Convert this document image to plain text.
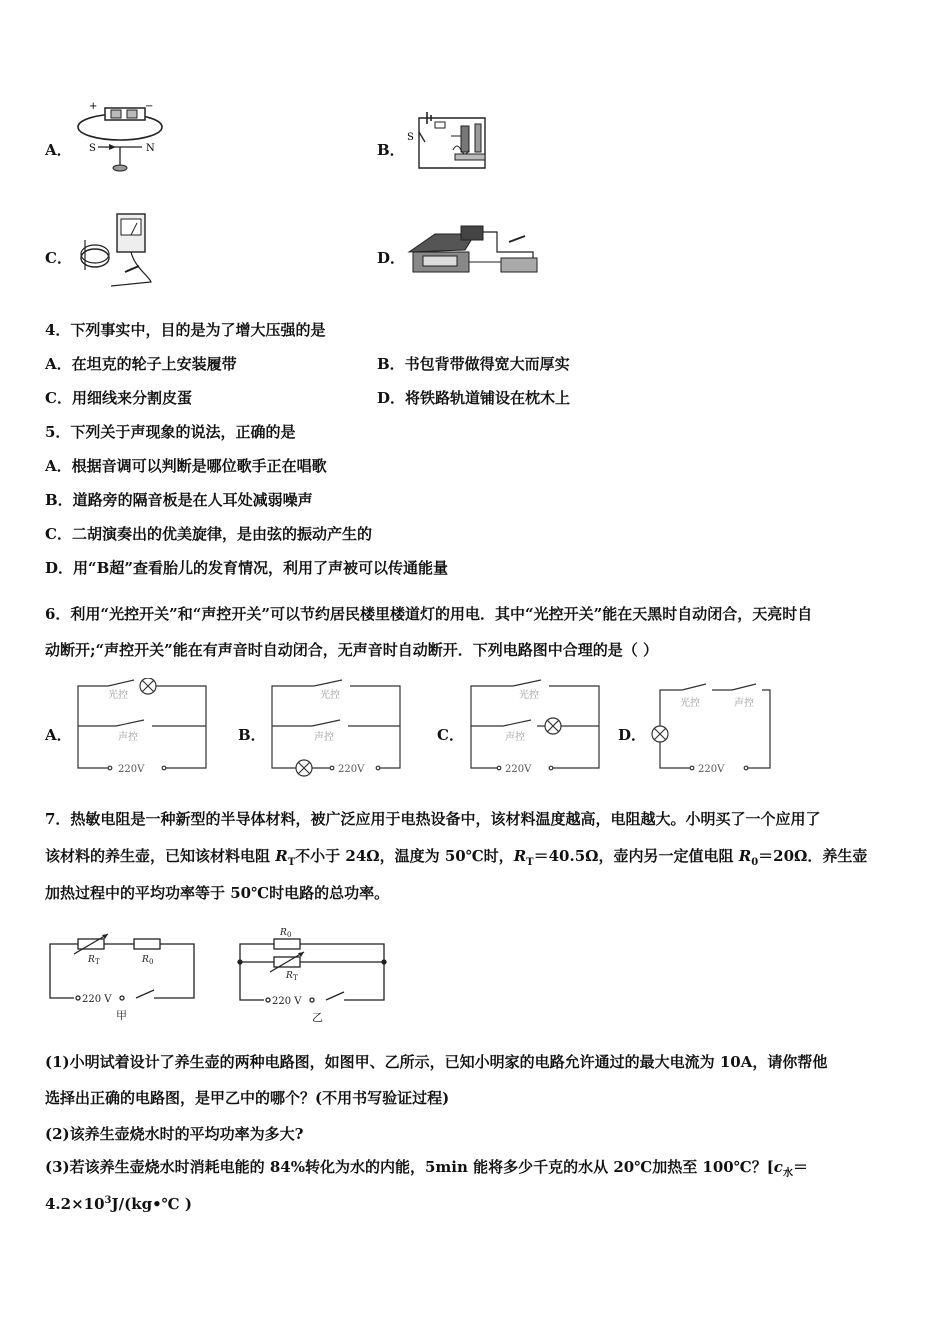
A．
+	−
S	N	B．
S
C．	D．
4．下列事实中，目的是为了增大压强的是
A．在坦克的轮子上安装履带	B．书包背带做得宽大而厚实
C．用细线来分割皮蛋	D．将铁路轨道铺设在枕木上
5．下列关于声现象的说法，正确的是
A．根据音调可以判断是哪位歌手正在唱歌
B．道路旁的隔音板是在人耳处减弱噪声
C．二胡演奏出的优美旋律，是由弦的振动产生的
D．用“B超”查看胎儿的发育情况，利用了声被可以传通能量
6．利用“光控开关”和“声控开关”可以节约居民楼里楼道灯的用电．其中“光控开关”能在天黑时自动闭合，天亮时自
动断开;“声控开关”能在有声音时自动闭合，无声音时自动断开．下列电路图中合理的是（ ）
A．
光控
声控
220V
B．
光控
声控
220V
C．
光控
声控
220V
D．
光控	声控
220V
7．热敏电阻是一种新型的半导体材料，被广泛应用于电热设备中，该材料温度越高，电阻越大。小明买了一个应用了
该材料的养生壶，已知该材料电阻 $R_T$不小于 24Ω，温度为 50℃时，$R_T=40.5\Omega$，壶内另一定值电阻 $R_0=20\Omega$．养生壶
加热过程中的平均功率等于 50℃时电路的总功率。
R T	R 0
220 V
甲
R 0
R T
220 V
乙
(1)小明试着设计了养生壶的两种电路图，如图甲、乙所示，已知小明家的电路允许通过的最大电流为 10A，请你帮他
选择出正确的电路图，是甲乙中的哪个？(不用书写验证过程)
(2)该养生壶烧水时的平均功率为多大?
(3)若该养生壶烧水时消耗电能的 84%转化为水的内能，5min 能将多少千克的水从 20℃加热至 100℃？[$c_水=$
$4.2\times 10^3J/(kg•℃$ )
